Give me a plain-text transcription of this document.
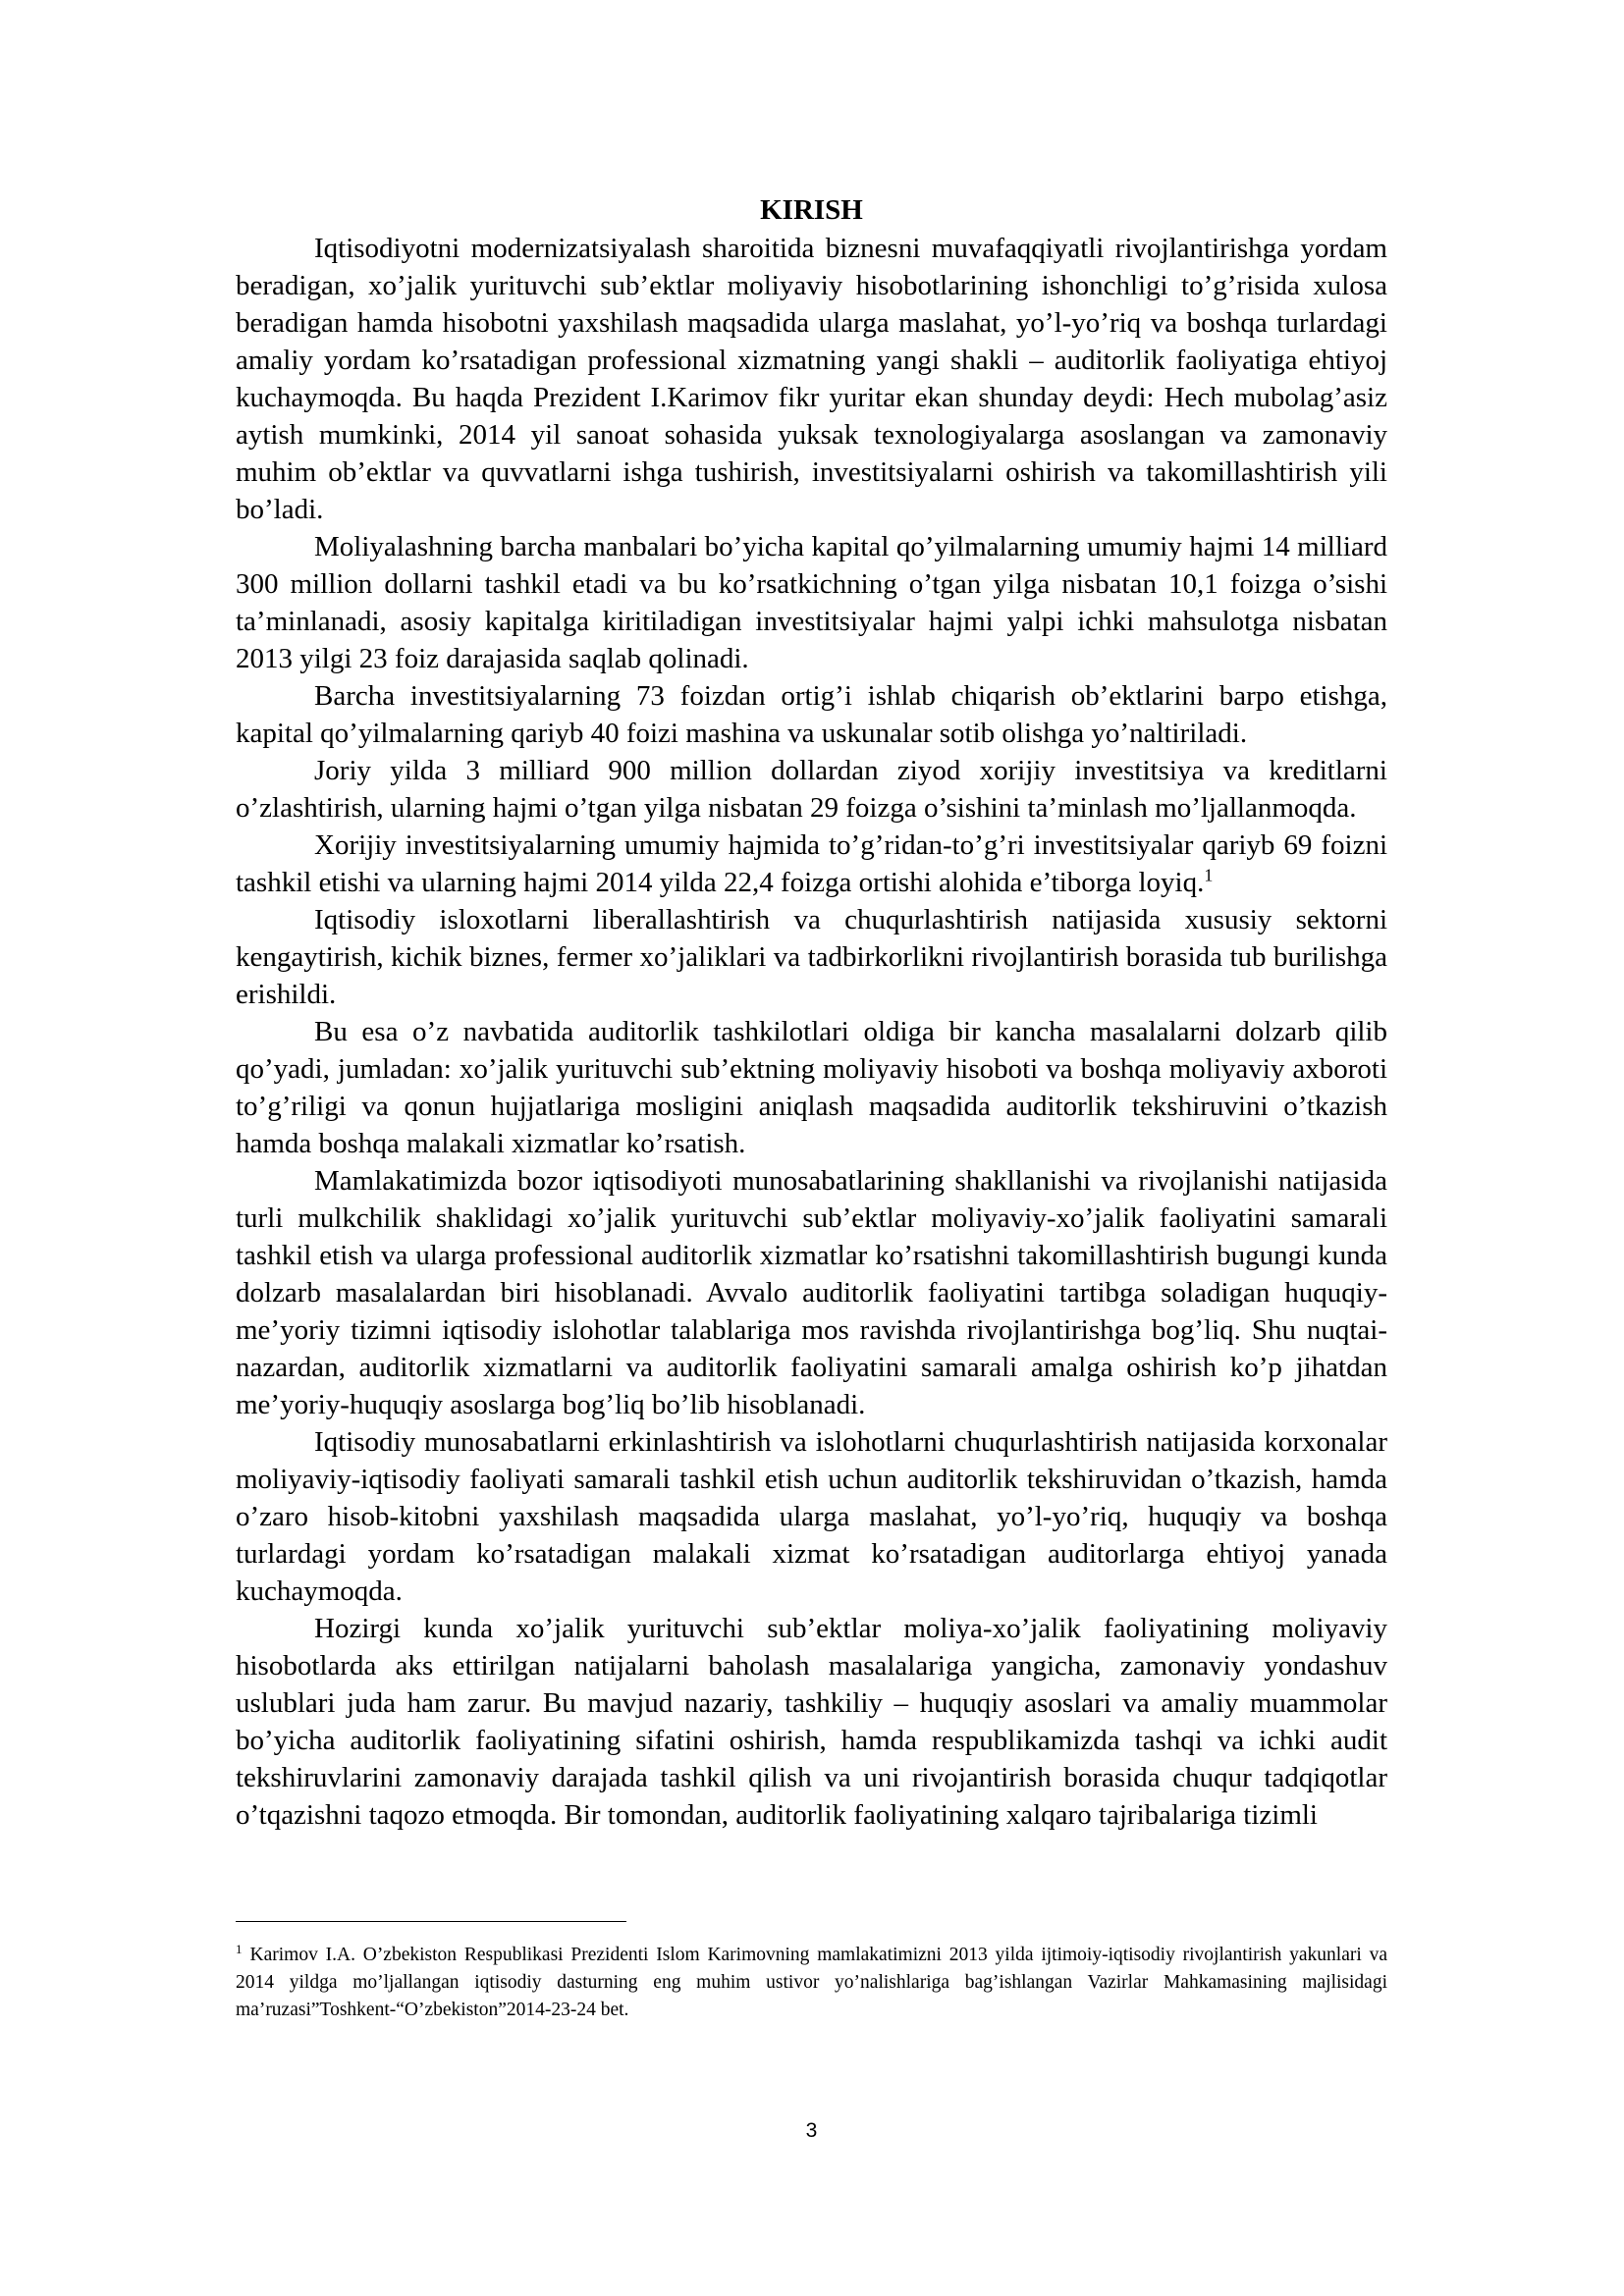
KIRISH

Iqtisodiyotni modernizatsiyalash sharoitida biznesni muvafaqqiyatli rivojlantirishga yordam beradigan, xo’jalik yurituvchi sub’ektlar moliyaviy hisobotlarining ishonchligi to’g’risida xulosa beradigan hamda hisobotni yaxshilash maqsadida ularga maslahat, yo’l-yo’riq va boshqa turlardagi amaliy yordam ko’rsatadigan professional xizmatning yangi shakli – auditorlik faoliyatiga ehtiyoj kuchaymoqda. Bu haqda Prezident I.Karimov fikr yuritar ekan shunday deydi: Hech mubolag’asiz aytish mumkinki, 2014 yil sanoat sohasida yuksak texnologiyalarga asoslangan va zamonaviy muhim ob’ektlar va quvvatlarni ishga tushirish, investitsiyalarni oshirish va takomillashtirish yili bo’ladi.

Moliyalashning barcha manbalari bo’yicha kapital qo’yilmalarning umumiy hajmi 14 milliard 300 million dollarni tashkil etadi va bu ko’rsatkichning o’tgan yilga nisbatan 10,1 foizga o’sishi ta’minlanadi, asosiy kapitalga kiritiladigan investitsiyalar hajmi yalpi ichki mahsulotga nisbatan 2013 yilgi 23 foiz darajasida saqlab qolinadi.

Barcha investitsiyalarning 73 foizdan ortig’i ishlab chiqarish ob’ektlarini barpo etishga, kapital qo’yilmalarning qariyb 40 foizi mashina va uskunalar sotib olishga yo’naltiriladi.

Joriy yilda 3 milliard 900 million dollardan ziyod xorijiy investitsiya va kreditlarni o’zlashtirish, ularning hajmi o’tgan yilga nisbatan 29 foizga o’sishini ta’minlash mo’ljallanmoqda.

Xorijiy investitsiyalarning umumiy hajmida to’g’ridan-to’g’ri investitsiyalar qariyb 69 foizni tashkil etishi va ularning hajmi 2014 yilda 22,4 foizga ortishi alohida e’tiborga loyiq.$^1$

Iqtisodiy isloxotlarni liberallashtirish va chuqurlashtirish natijasida xususiy sektorni kengaytirish, kichik biznes, fermer xo’jaliklari va tadbirkorlikni rivojlantirish borasida tub burilishga erishildi.

Bu esa o’z navbatida auditorlik tashkilotlari oldiga bir kancha masalalarni dolzarb qilib qo’yadi, jumladan: xo’jalik yurituvchi sub’ektning moliyaviy hisoboti va boshqa moliyaviy axboroti to’g’riligi va qonun hujjatlariga mosligini aniqlash maqsadida auditorlik tekshiruvini o’tkazish hamda boshqa malakali xizmatlar ko’rsatish.

Mamlakatimizda bozor iqtisodiyoti munosabatlarining shakllanishi va rivojlanishi natijasida turli mulkchilik shaklidagi xo’jalik yurituvchi sub’ektlar moliyaviy-xo’jalik faoliyatini samarali tashkil etish va ularga professional auditorlik xizmatlar ko’rsatishni takomillashtirish bugungi kunda dolzarb masalalardan biri hisoblanadi. Avvalo auditorlik faoliyatini tartibga soladigan huquqiy-me’yoriy tizimni iqtisodiy islohotlar talablariga mos ravishda rivojlantirishga bog’liq. Shu nuqtai-nazardan, auditorlik xizmatlarni va auditorlik faoliyatini samarali amalga oshirish ko’p jihatdan me’yoriy-huquqiy asoslarga bog’liq bo’lib hisoblanadi.

Iqtisodiy munosabatlarni erkinlashtirish va islohotlarni chuqurlashtirish natijasida korxonalar moliyaviy-iqtisodiy faoliyati samarali tashkil etish uchun auditorlik tekshiruvidan o’tkazish, hamda o’zaro hisob-kitobni yaxshilash maqsadida ularga maslahat, yo’l-yo’riq, huquqiy va boshqa turlardagi yordam ko’rsatadigan malakali xizmat ko’rsatadigan auditorlarga ehtiyoj yanada kuchaymoqda.

Hozirgi kunda xo’jalik yurituvchi sub’ektlar moliya-xo’jalik faoliyatining moliyaviy hisobotlarda aks ettirilgan natijalarni baholash masalalariga yangicha, zamonaviy yondashuv uslublari juda ham zarur. Bu mavjud nazariy, tashkiliy – huquqiy asoslari va amaliy muammolar bo’yicha auditorlik faoliyatining sifatini oshirish, hamda respublikamizda tashqi va ichki audit tekshiruvlarini zamonaviy darajada tashkil qilish va uni rivojantirish borasida chuqur tadqiqotlar o’tqazishni taqozo etmoqda. Bir tomondan, auditorlik faoliyatining xalqaro tajribalariga tizimli

$^1$ Karimov I.A. O’zbekiston Respublikasi Prezidenti Islom Karimovning mamlakatimizni 2013 yilda ijtimoiy-iqtisodiy rivojlantirish yakunlari va 2014 yildga mo’ljallangan iqtisodiy dasturning eng muhim ustivor yo’nalishlariga bag’ishlangan Vazirlar Mahkamasining majlisidagi ma’ruzasi”Toshkent-“O’zbekiston”2014-23-24 bet.

3
